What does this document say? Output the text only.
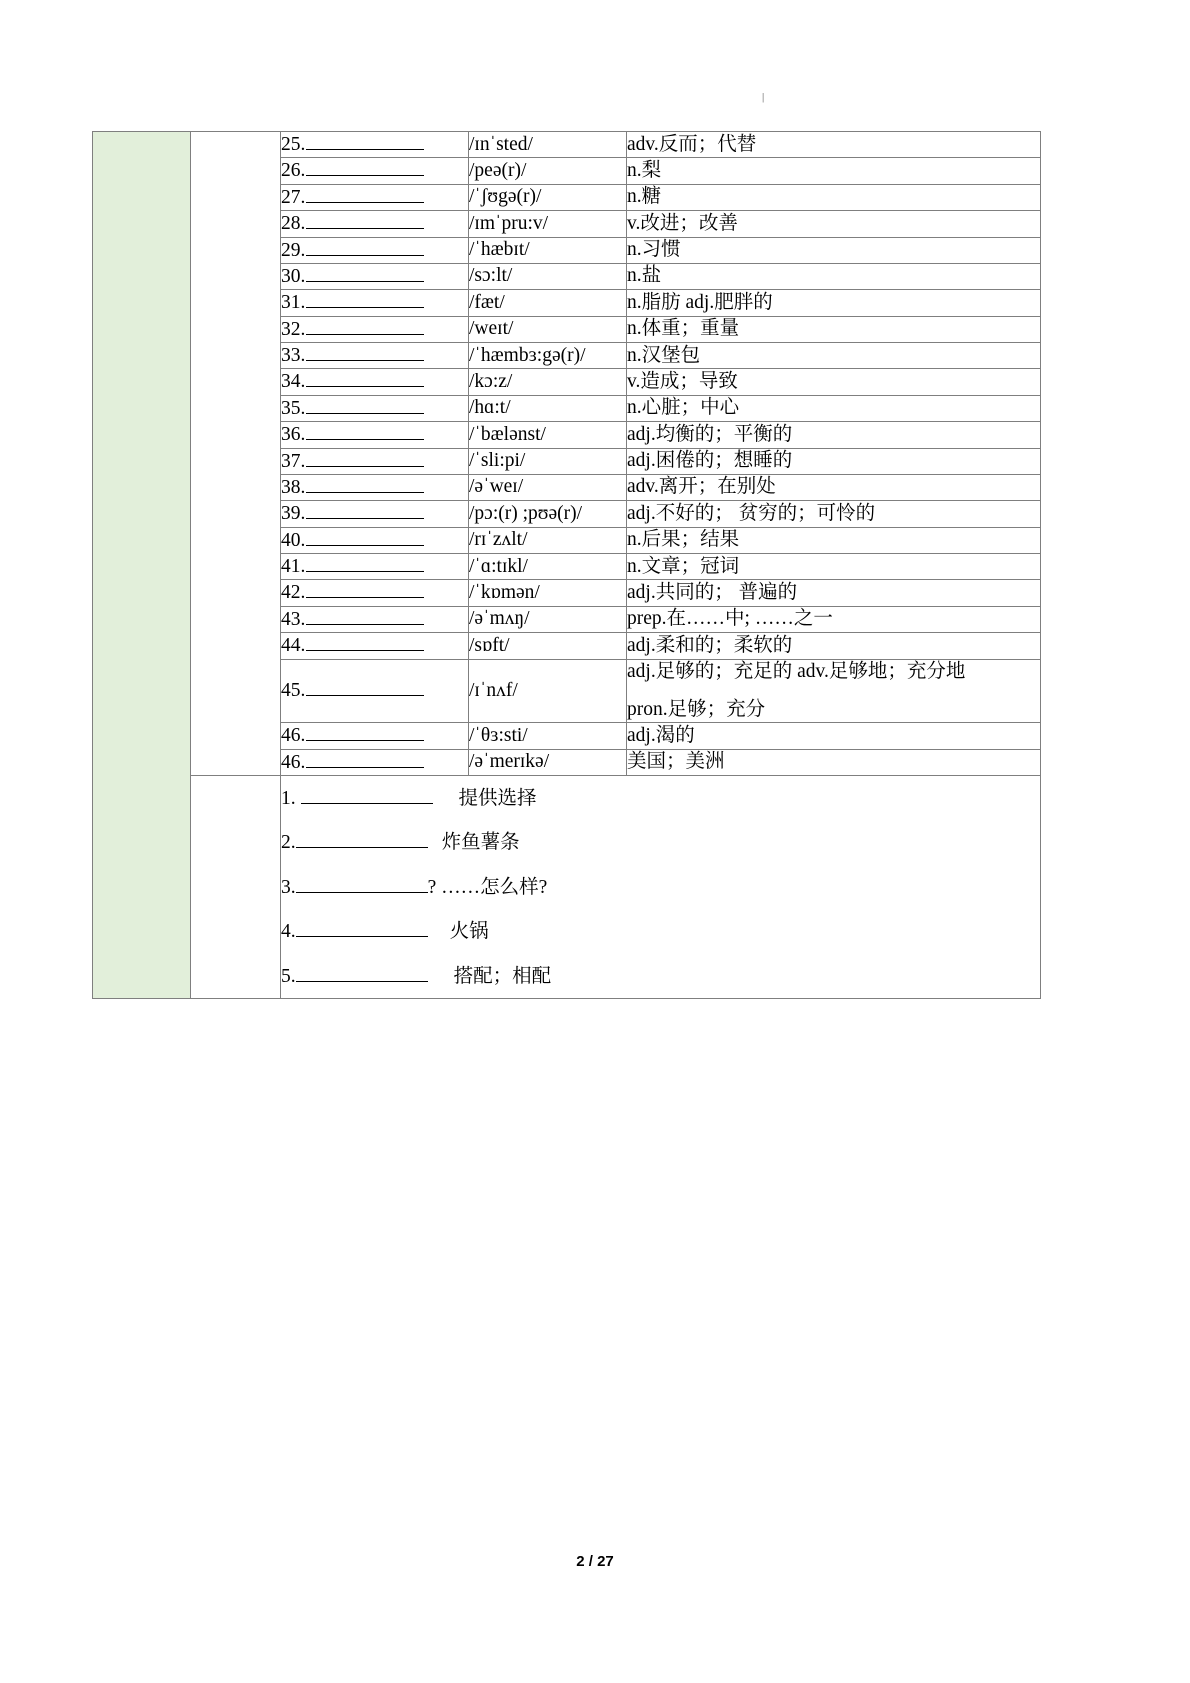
|
		25.	/ɪnˈsted/	adv.反而；代替
		26.	/peə(r)/	n.梨
		27.	/ˈʃʊgə(r)/	n.糖
		28.	/ɪmˈpru:v/	v.改进；改善
		29.	/ˈhæbɪt/	n.习惯
		30.	/sɔ:lt/	n.盐
		31.	/fæt/	n.脂肪 adj.肥胖的
		32.	/weɪt/	n.体重；重量
		33.	/ˈhæmbɜ:gə(r)/	n.汉堡包
		34.	/kɔ:z/	v.造成；导致
		35.	/hɑ:t/	n.心脏；中心
		36.	/ˈbælənst/	adj.均衡的；平衡的
		37.	/ˈsli:pi/	adj.困倦的；想睡的
		38.	/əˈweɪ/	adv.离开；在别处
		39.	/pɔ:(r) ;pʊə(r)/	adj.不好的； 贫穷的；可怜的
		40.	/rɪˈzʌlt/	n.后果；结果
		41.	/ˈɑ:tɪkl/	n.文章；冠词
		42.	/ˈkɒmən/	adj.共同的； 普遍的
		43.	/əˈmʌŋ/	prep.在……中; ……之一
		44.	/sɒft/	adj.柔和的；柔软的
		45.	/ɪˈnʌf/	adj.足够的；充足的 adv.足够地；充分地
pron.足够；充分

		46.	/ˈθɜ:sti/	adj.渴的
		46.	/əˈmerɪkə/	美国；美洲

		1. 提供选择
2. 炸鱼薯条
3. ? ……怎么样?
4. 火锅
5. 搭配；相配		
2 / 27
